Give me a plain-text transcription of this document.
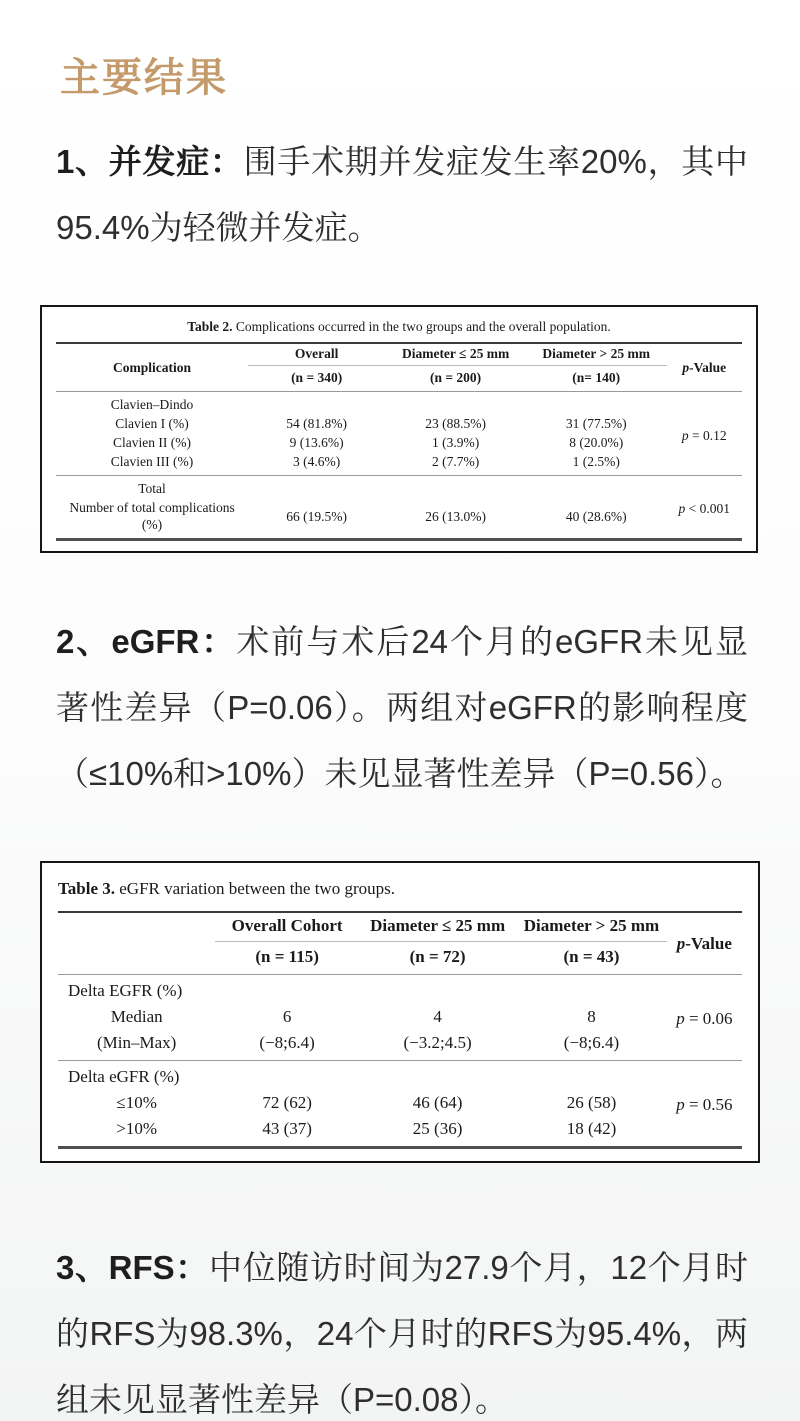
主要结果

1、并发症：围手术期并发症发生率20%，其中95.4%为轻微并发症。

Table 2. Complications occurred in the two groups and the overall population.

Complication	Overall	Diameter ≤ 25 mm	Diameter > 25 mm	p-Value
	(n = 340)	(n = 200)	(n= 140)	

Clavien–Dindo				p = 0.12
Clavien I (%)	54 (81.8%)	23 (88.5%)	31 (77.5%)	
Clavien II (%)	9 (13.6%)	1 (3.9%)	8 (20.0%)	
Clavien III (%)	3 (4.6%)	2 (7.7%)	1 (2.5%)	

Total				p < 0.001
Number of total complications (%)	66 (19.5%)	26 (13.0%)	40 (28.6%)	

2、eGFR：术前与术后24个月的eGFR未见显著性差异（P=0.06）。两组对eGFR的影响程度（≤10%和>10%）未见显著性差异（P=0.56）。

Table 3. eGFR variation between the two groups.

	Overall Cohort	Diameter ≤ 25 mm	Diameter > 25 mm	p-Value
	(n = 115)	(n = 72)	(n = 43)	

Delta EGFR (%)				p = 0.06
Median	6	4	8	
(Min–Max)	(−8;6.4)	(−3.2;4.5)	(−8;6.4)	

Delta eGFR (%)				p = 0.56
≤10%	72 (62)	46 (64)	26 (58)	
>10%	43 (37)	25 (36)	18 (42)	

3、RFS：中位随访时间为27.9个月，12个月时的RFS为98.3%，24个月时的RFS为95.4%，两组未见显著性差异（P=0.08）。
